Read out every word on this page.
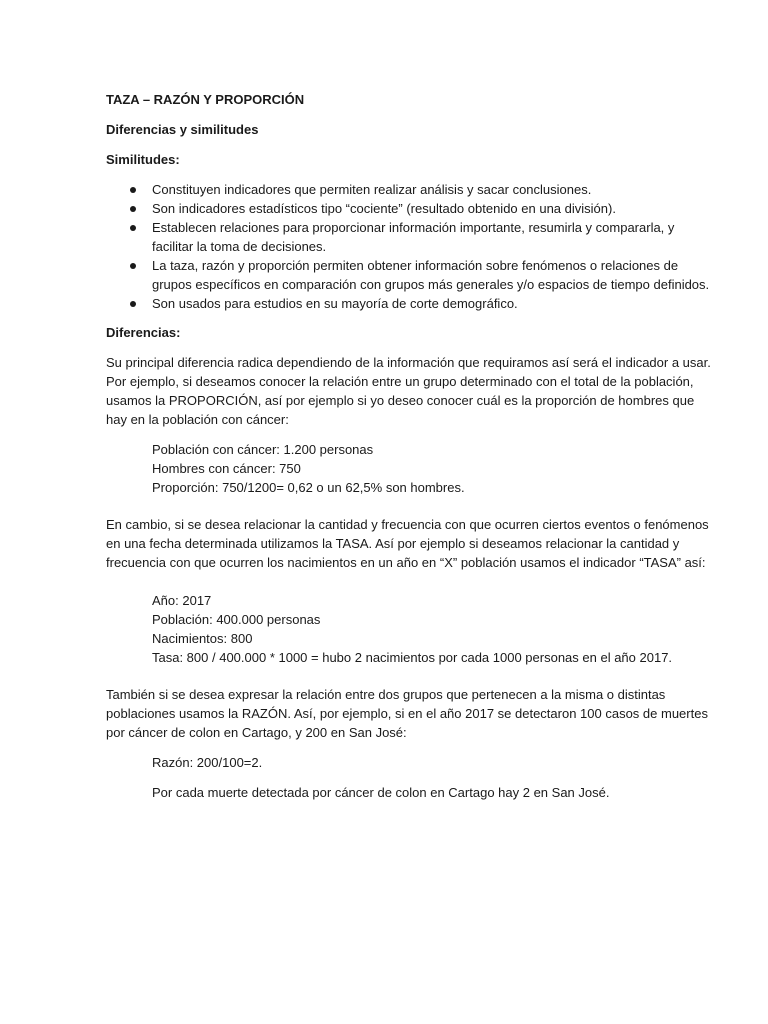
TAZA – RAZÓN Y PROPORCIÓN
Diferencias y similitudes
Similitudes:
Constituyen indicadores que permiten realizar análisis y sacar conclusiones.
Son indicadores estadísticos tipo “cociente” (resultado obtenido en una división).
Establecen relaciones para proporcionar información importante, resumirla y compararla, y facilitar la toma de decisiones.
La taza, razón y proporción permiten obtener información sobre fenómenos o relaciones de grupos específicos en comparación con grupos más generales y/o espacios de tiempo definidos.
Son usados para estudios en su mayoría de corte demográfico.
Diferencias:

Su principal diferencia radica dependiendo de la información que requiramos así será el indicador a usar. Por ejemplo, si deseamos conocer la relación entre un grupo determinado con el total de la población, usamos la PROPORCIÓN, así por ejemplo si yo deseo conocer cuál es la proporción de hombres que hay en la población con cáncer:

Población con cáncer: 1.200 personas
Hombres con cáncer: 750
Proporción: 750/1200= 0,62 o un 62,5% son hombres.

En cambio, si se desea relacionar la cantidad y frecuencia con que ocurren ciertos eventos o fenómenos en una fecha determinada utilizamos la TASA. Así por ejemplo si deseamos relacionar la cantidad y frecuencia con que ocurren los nacimientos en un año en “X” población usamos el indicador “TASA” así:

Año: 2017
Población: 400.000 personas
Nacimientos: 800
Tasa: 800 / 400.000 * 1000 = hubo 2 nacimientos por cada 1000 personas en el año 2017.

También si se desea expresar la relación entre dos grupos que pertenecen a la misma o distintas poblaciones usamos la RAZÓN. Así, por ejemplo, si en el año 2017 se detectaron 100 casos de muertes por cáncer de colon en Cartago, y 200 en San José:

Razón: 200/100=2.

Por cada muerte detectada por cáncer de colon en Cartago hay 2 en San José.
